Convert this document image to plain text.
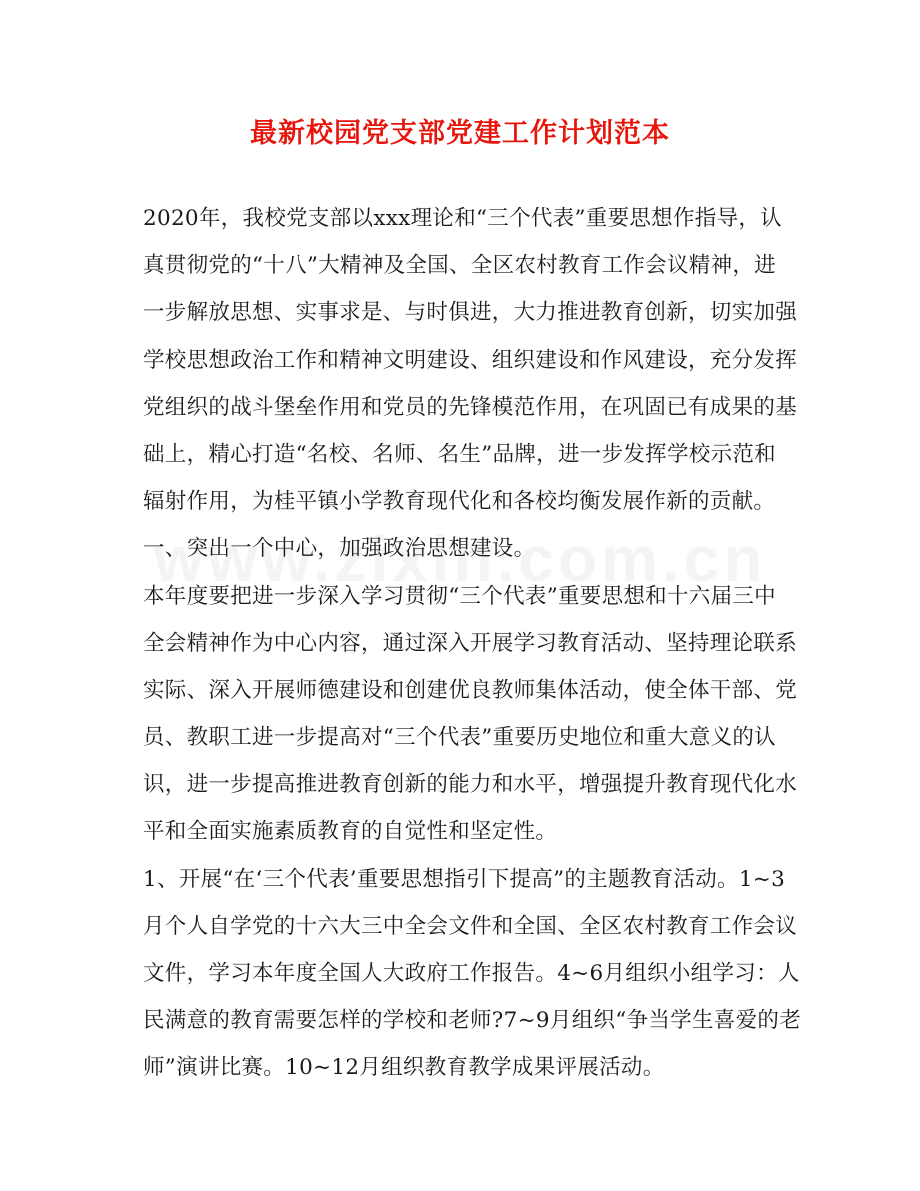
最新校园党支部党建工作计划范本
2020年，我校党支部以xxx理论和“三个代表”重要思想作指导，认
真贯彻党的“十八”大精神及全国、全区农村教育工作会议精神，进
一步解放思想、实事求是、与时俱进，大力推进教育创新，切实加强
学校思想政治工作和精神文明建设、组织建设和作风建设，充分发挥
党组织的战斗堡垒作用和党员的先锋模范作用，在巩固已有成果的基
础上，精心打造“名校、名师、名生”品牌，进一步发挥学校示范和
辐射作用，为桂平镇小学教育现代化和各校均衡发展作新的贡献。
一、突出一个中心，加强政治思想建设。
本年度要把进一步深入学习贯彻“三个代表”重要思想和十六届三中
全会精神作为中心内容，通过深入开展学习教育活动、坚持理论联系
实际、深入开展师德建设和创建优良教师集体活动，使全体干部、党
员、教职工进一步提高对“三个代表”重要历史地位和重大意义的认
识，进一步提高推进教育创新的能力和水平，增强提升教育现代化水
平和全面实施素质教育的自觉性和坚定性。
1、开展“在‘三个代表’重要思想指引下提高”的主题教育活动。1~3
月个人自学党的十六大三中全会文件和全国、全区农村教育工作会议
文件，学习本年度全国人大政府工作报告。4~6月组织小组学习：人
民满意的教育需要怎样的学校和老师?7~9月组织“争当学生喜爱的老
师”演讲比赛。10~12月组织教育教学成果评展活动。
